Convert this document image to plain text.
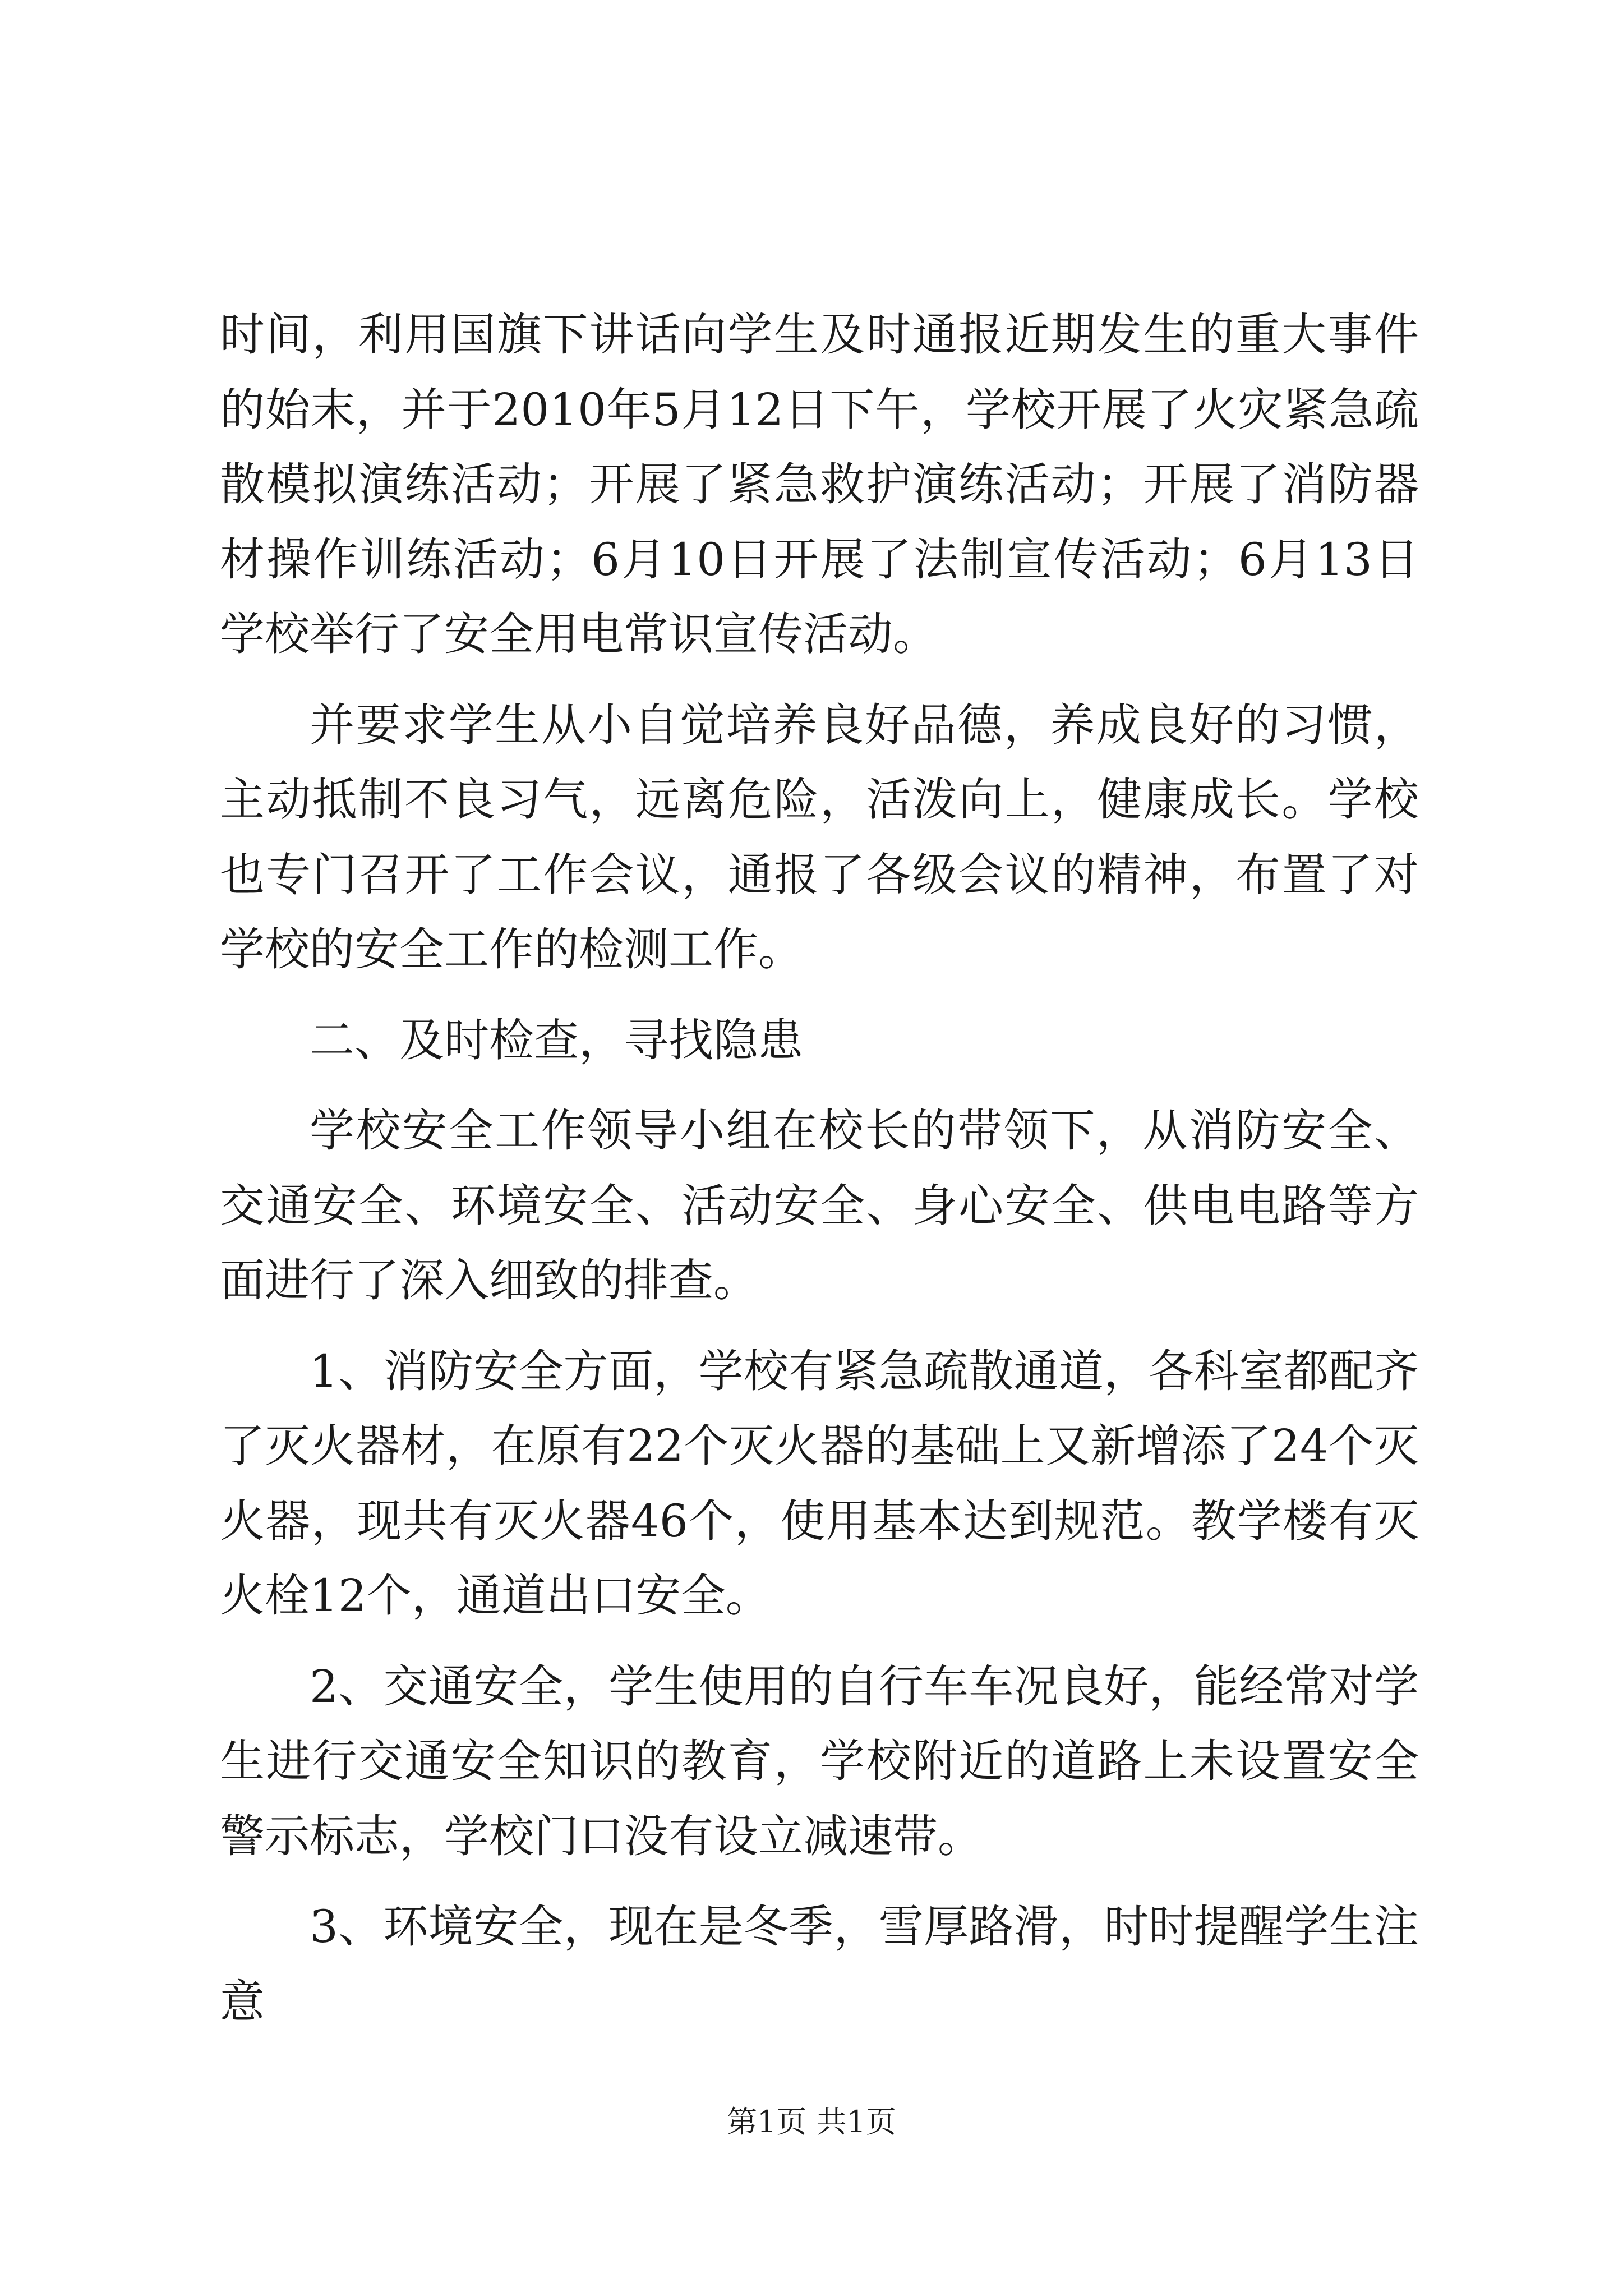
时间，利用国旗下讲话向学生及时通报近期发生的重大事件的始末，并于2010年5月12日下午，学校开展了火灾紧急疏散模拟演练活动；开展了紧急救护演练活动；开展了消防器材操作训练活动；6月10日开展了法制宣传活动；6月13日学校举行了安全用电常识宣传活动。

并要求学生从小自觉培养良好品德，养成良好的习惯，主动抵制不良习气，远离危险，活泼向上，健康成长。学校也专门召开了工作会议，通报了各级会议的精神，布置了对学校的安全工作的检测工作。

二、及时检查，寻找隐患

学校安全工作领导小组在校长的带领下，从消防安全、交通安全、环境安全、活动安全、身心安全、供电电路等方面进行了深入细致的排查。

1、消防安全方面，学校有紧急疏散通道，各科室都配齐了灭火器材，在原有22个灭火器的基础上又新增添了24个灭火器，现共有灭火器46个，使用基本达到规范。教学楼有灭火栓12个，通道出口安全。

2、交通安全，学生使用的自行车车况良好，能经常对学生进行交通安全知识的教育，学校附近的道路上未设置安全警示标志，学校门口没有设立减速带。

3、环境安全，现在是冬季，雪厚路滑，时时提醒学生注意

第1页 共1页
